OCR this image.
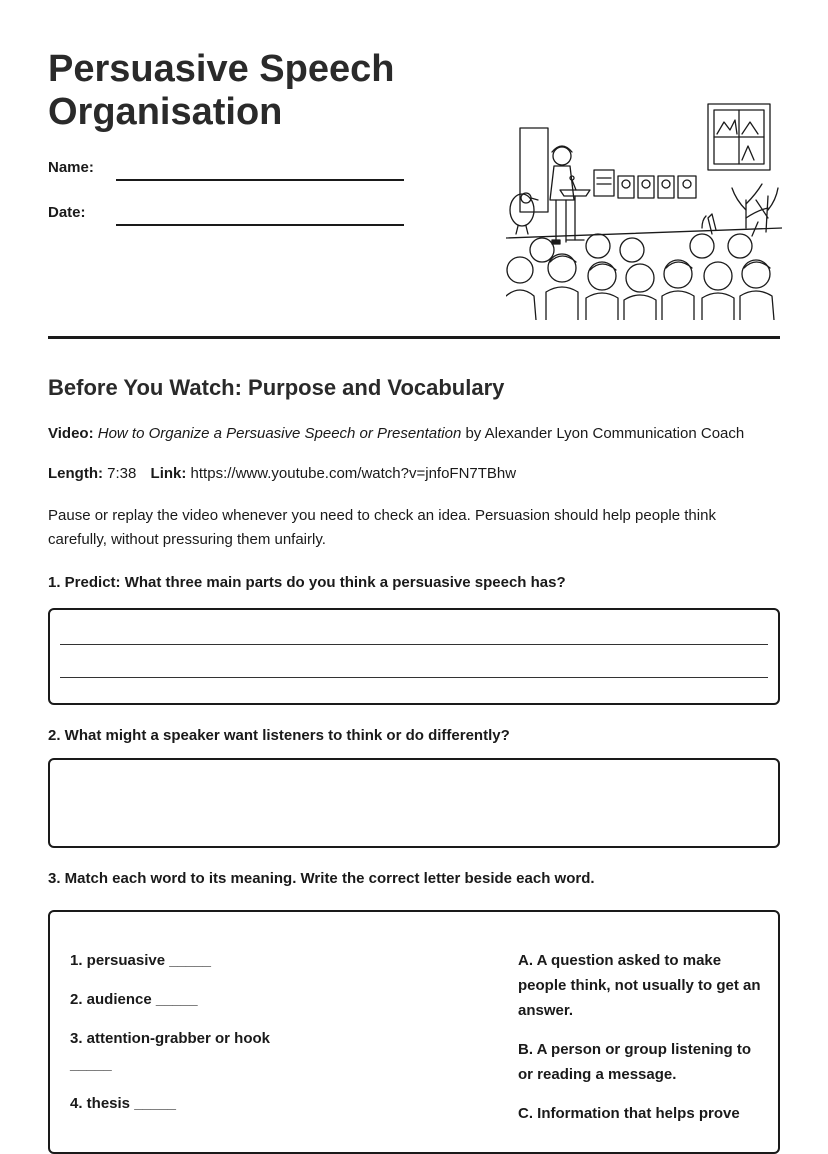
Persuasive Speech Organisation
Name:
Date:
Before You Watch: Purpose and Vocabulary
Video: How to Organize a Persuasive Speech or Presentation by Alexander Lyon Communication Coach
Length: 7:38 Link: https://www.youtube.com/watch?v=jnfoFN7TBhw

Pause or replay the video whenever you need to check an idea. Persuasion should help people think carefully, without pressuring them unfairly.

1. Predict: What three main parts do you think a persuasive speech has?

2. What might a speaker want listeners to think or do differently?

3. Match each word to its meaning. Write the correct letter beside each word.

1. persuasive _____
2. audience _____
3. attention-grabber or hook _____
4. thesis _____
A. A question asked to make people think, not usually to get an answer.
B. A person or group listening to or reading a message.
C. Information that helps prove
